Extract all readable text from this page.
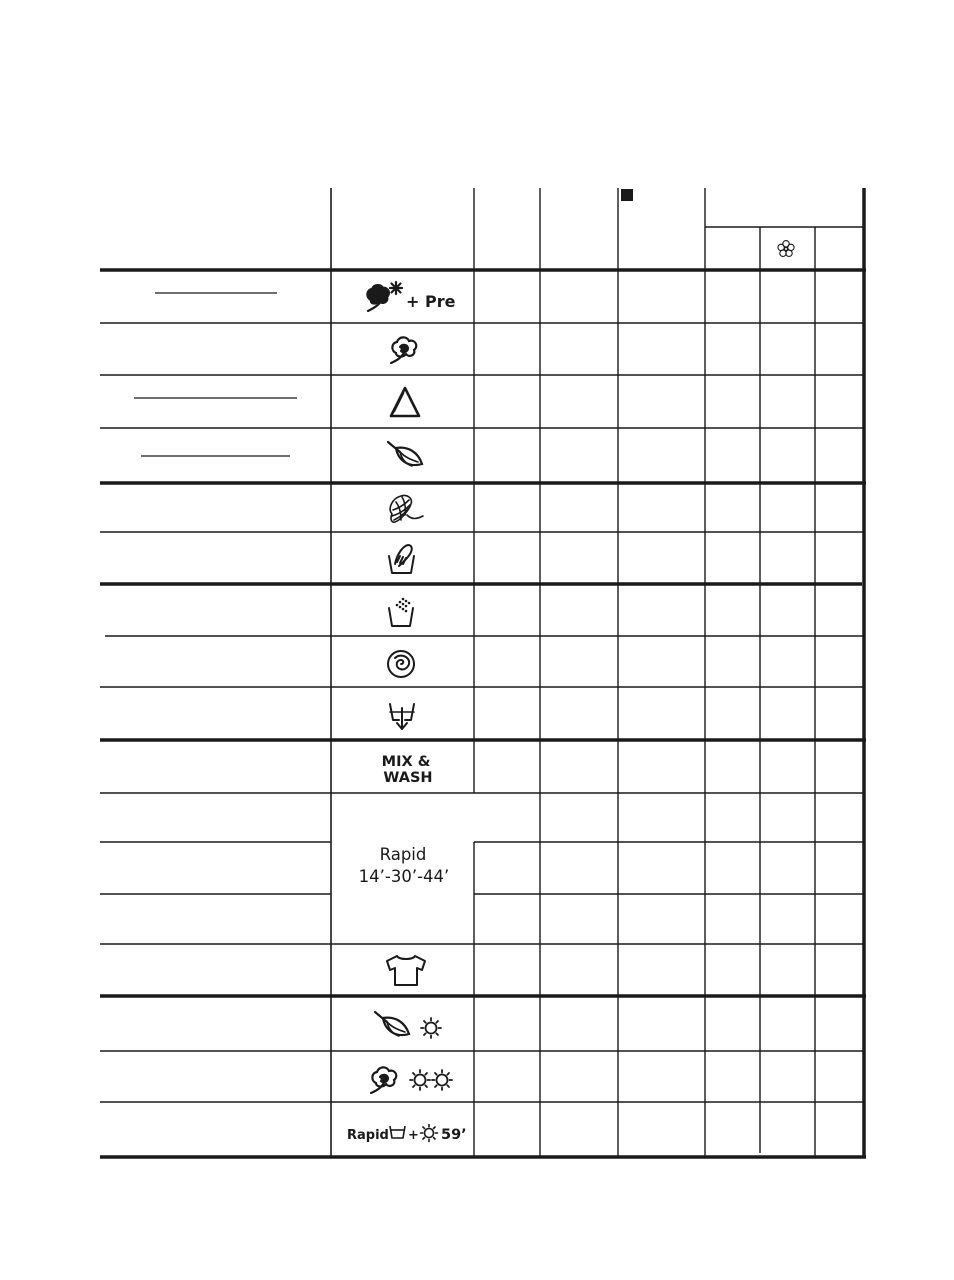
+ Pre
MIX &
WASH
Rapid
14’-30’-44’
Rapid + 59’
